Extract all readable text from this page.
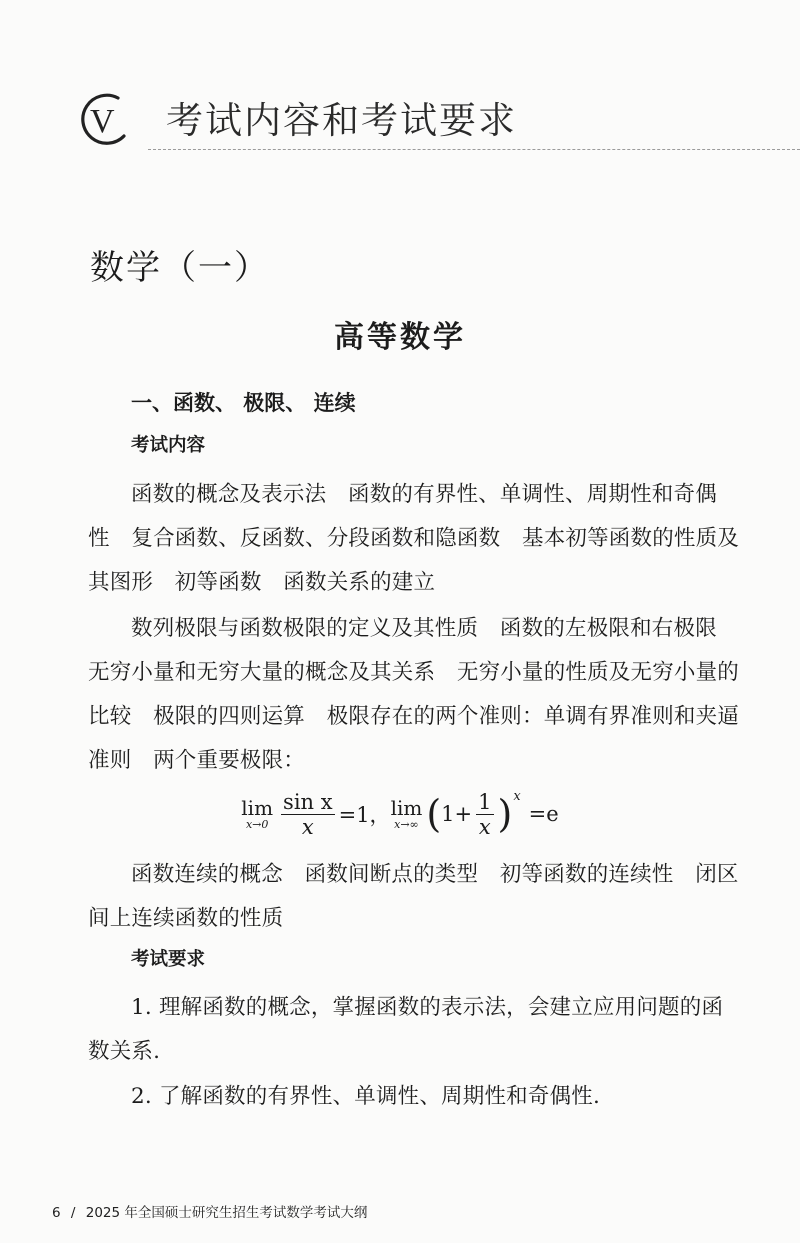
V 考试内容和考试要求
数学（一）
高等数学
一、函数、 极限、 连续
考试内容
函数的概念及表示法　函数的有界性、单调性、周期性和奇偶
性　复合函数、反函数、分段函数和隐函数　基本初等函数的性质及
其图形　初等函数　函数关系的建立
数列极限与函数极限的定义及其性质　函数的左极限和右极限
无穷小量和无穷大量的概念及其关系　无穷小量的性质及无穷小量的
比较　极限的四则运算　极限存在的两个准则：单调有界准则和夹逼
准则　两个重要极限：
lim
$x\to 0 \frac{\text{sin x}}{x} =1$， lim
x→∞ ( $1+ \frac{1}{x}$ ) x
=e
函数连续的概念　函数间断点的类型　初等函数的连续性　闭区
间上连续函数的性质
考试要求
1. 理解函数的概念，掌握函数的表示法，会建立应用问题的函
数关系.
2. 了解函数的有界性、单调性、周期性和奇偶性.
6 / 2025 年全国硕士研究生招生考试数学考试大纲
